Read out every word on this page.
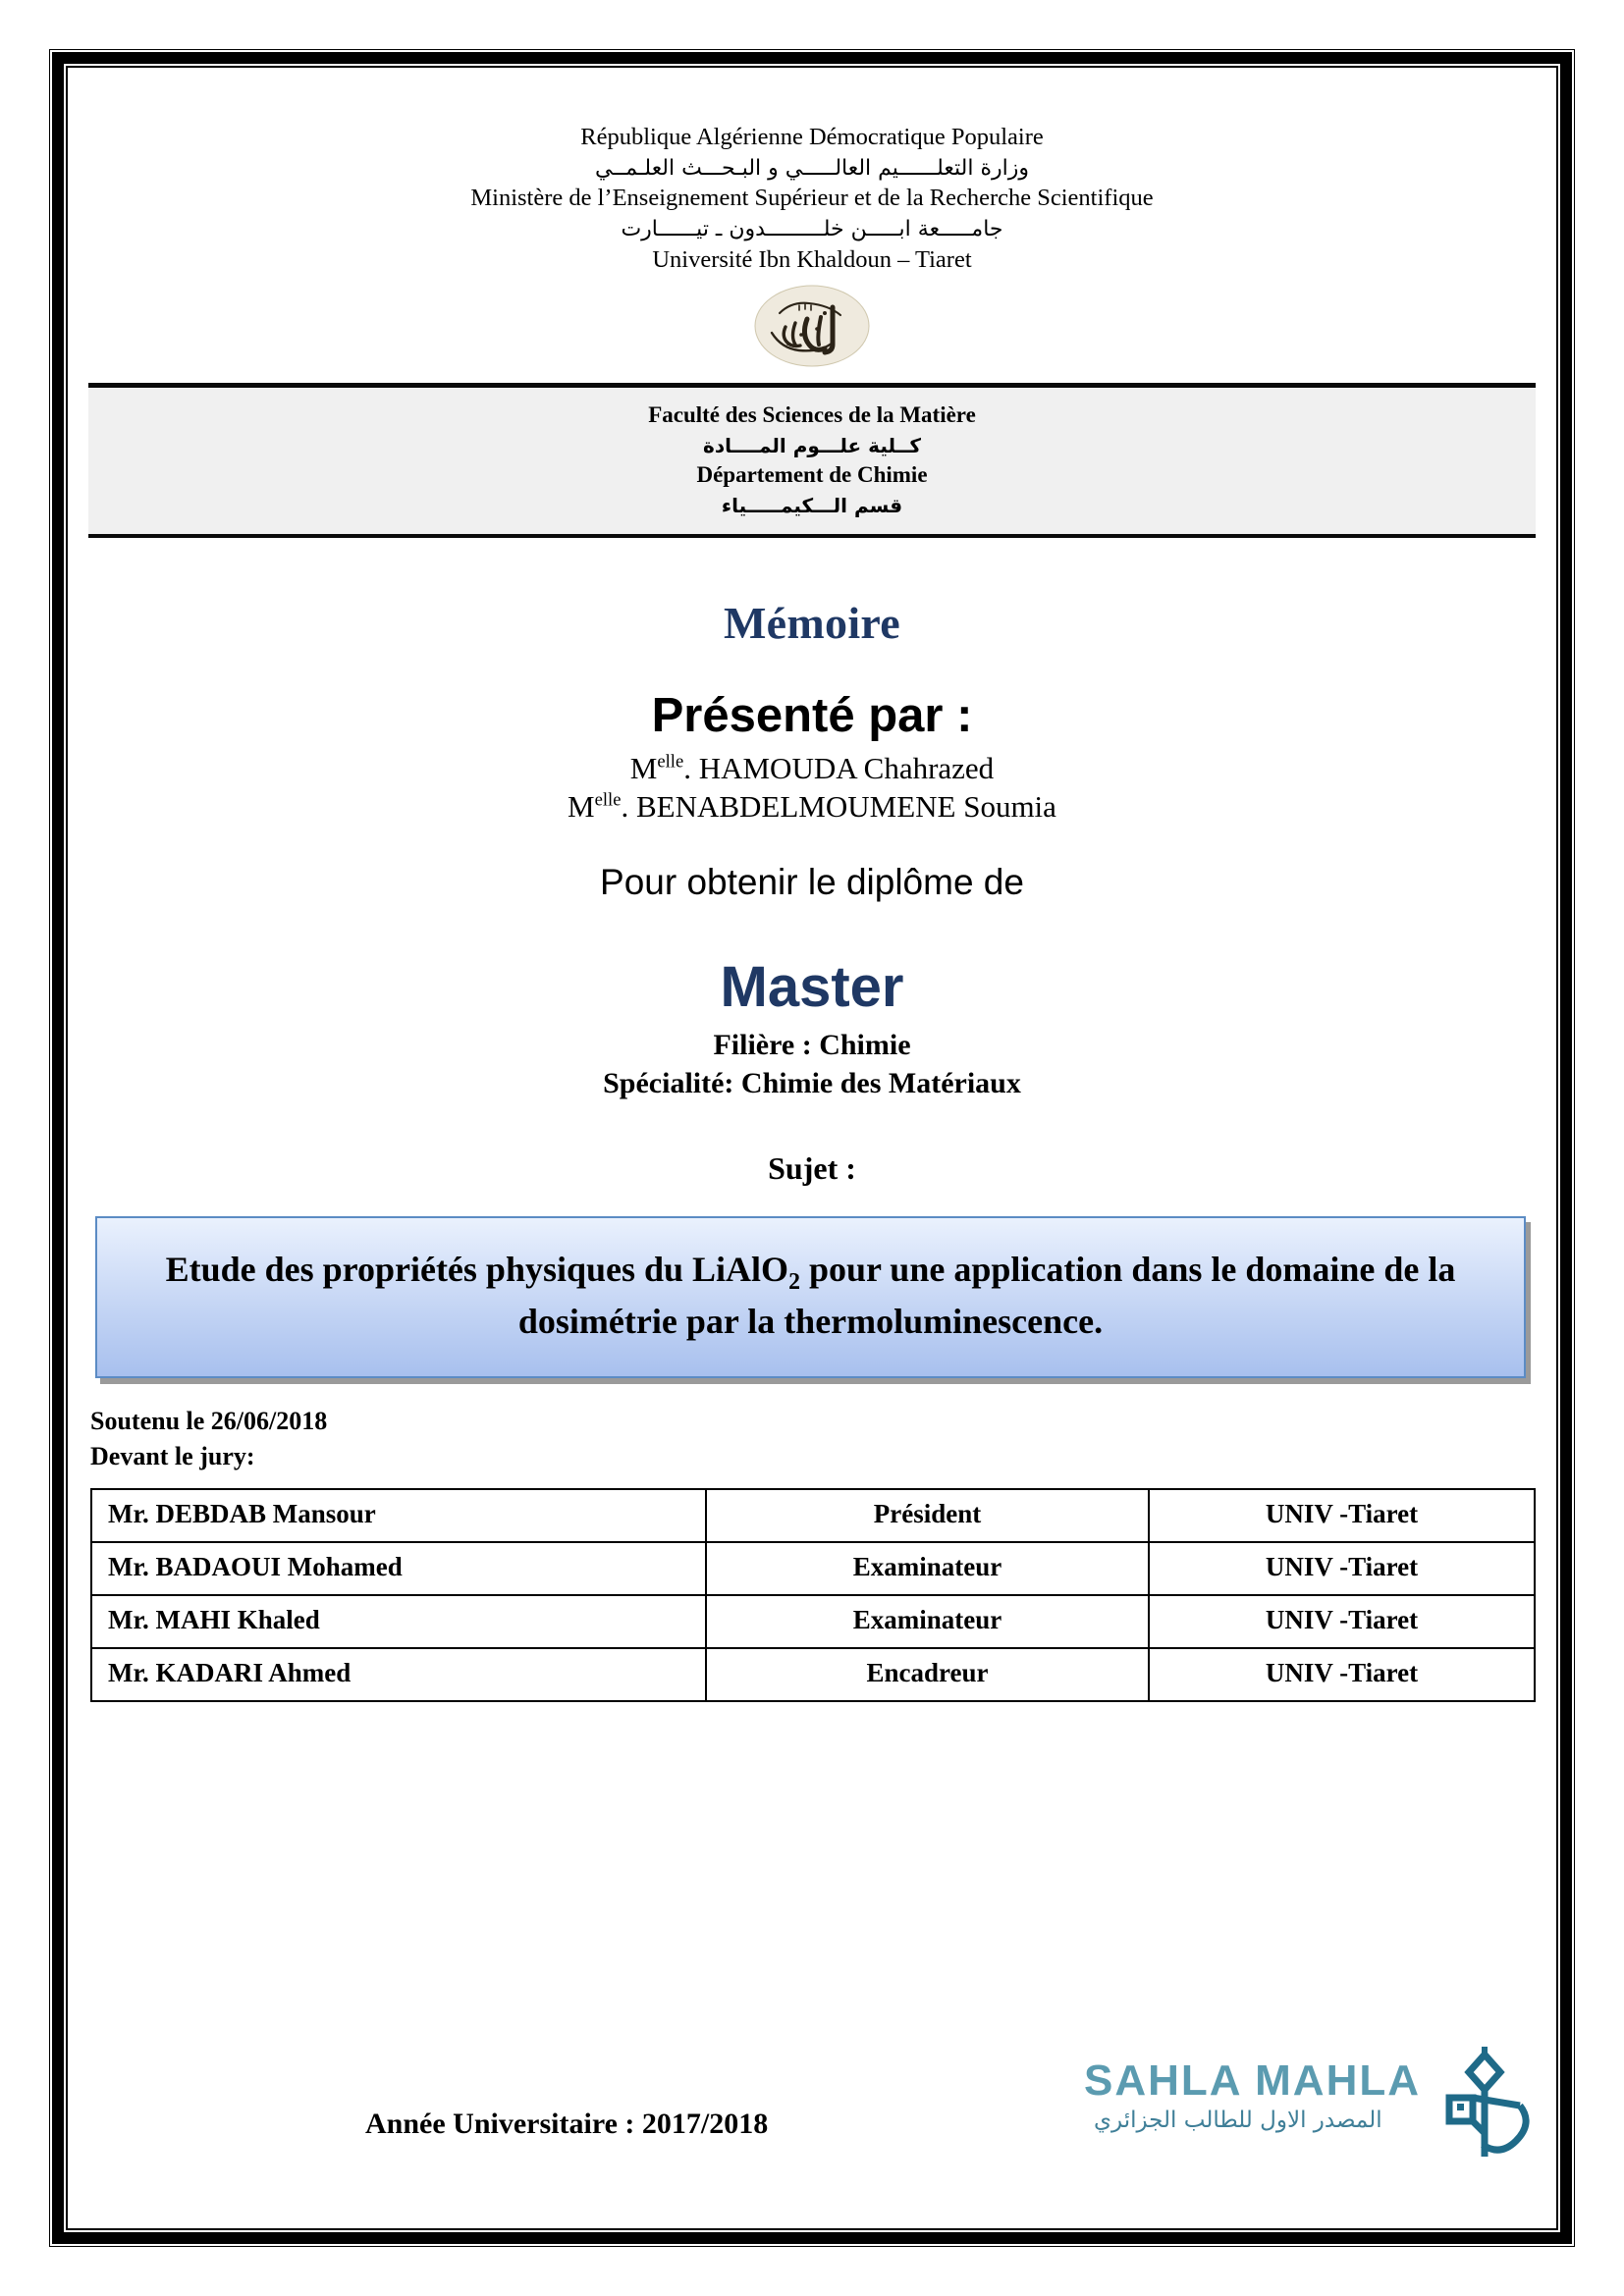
République Algérienne Démocratique Populaire
وزارة التعلــــــيم العالـــــي و البـحـــث العلـمــي
Ministère de l’Enseignement Supérieur et de la Recherche Scientifique
جامـــــعة ابـــــن خلـــــــــدون ـ تيــــــارت
Université Ibn Khaldoun – Tiaret
Faculté des Sciences de la Matière
كــلية علـــوم المــــادة
Département de Chimie
قسم الـــكيمـــــياء
Mémoire
Présenté par :
$M^{elle}$. HAMOUDA Chahrazed
$M^{elle}$. BENABDELMOUMENE Soumia
Pour obtenir le diplôme de
Master
Filière : Chimie
Spécialité: Chimie des Matériaux
Sujet :
Etude des propriétés physiques du LiAlO$_2$ pour une application dans le domaine de la dosimétrie par la thermoluminescence.
Soutenu le 26/06/2018
Devant le jury:
Mr. DEBDAB Mansour	Président	UNIV -Tiaret
Mr. BADAOUI Mohamed	Examinateur	UNIV -Tiaret
Mr. MAHI Khaled	Examinateur	UNIV -Tiaret
Mr. KADARI Ahmed	Encadreur	UNIV -Tiaret
Année Universitaire : 2017/2018
SAHLA MAHLA
المصدر الاول للطالب الجزائري
